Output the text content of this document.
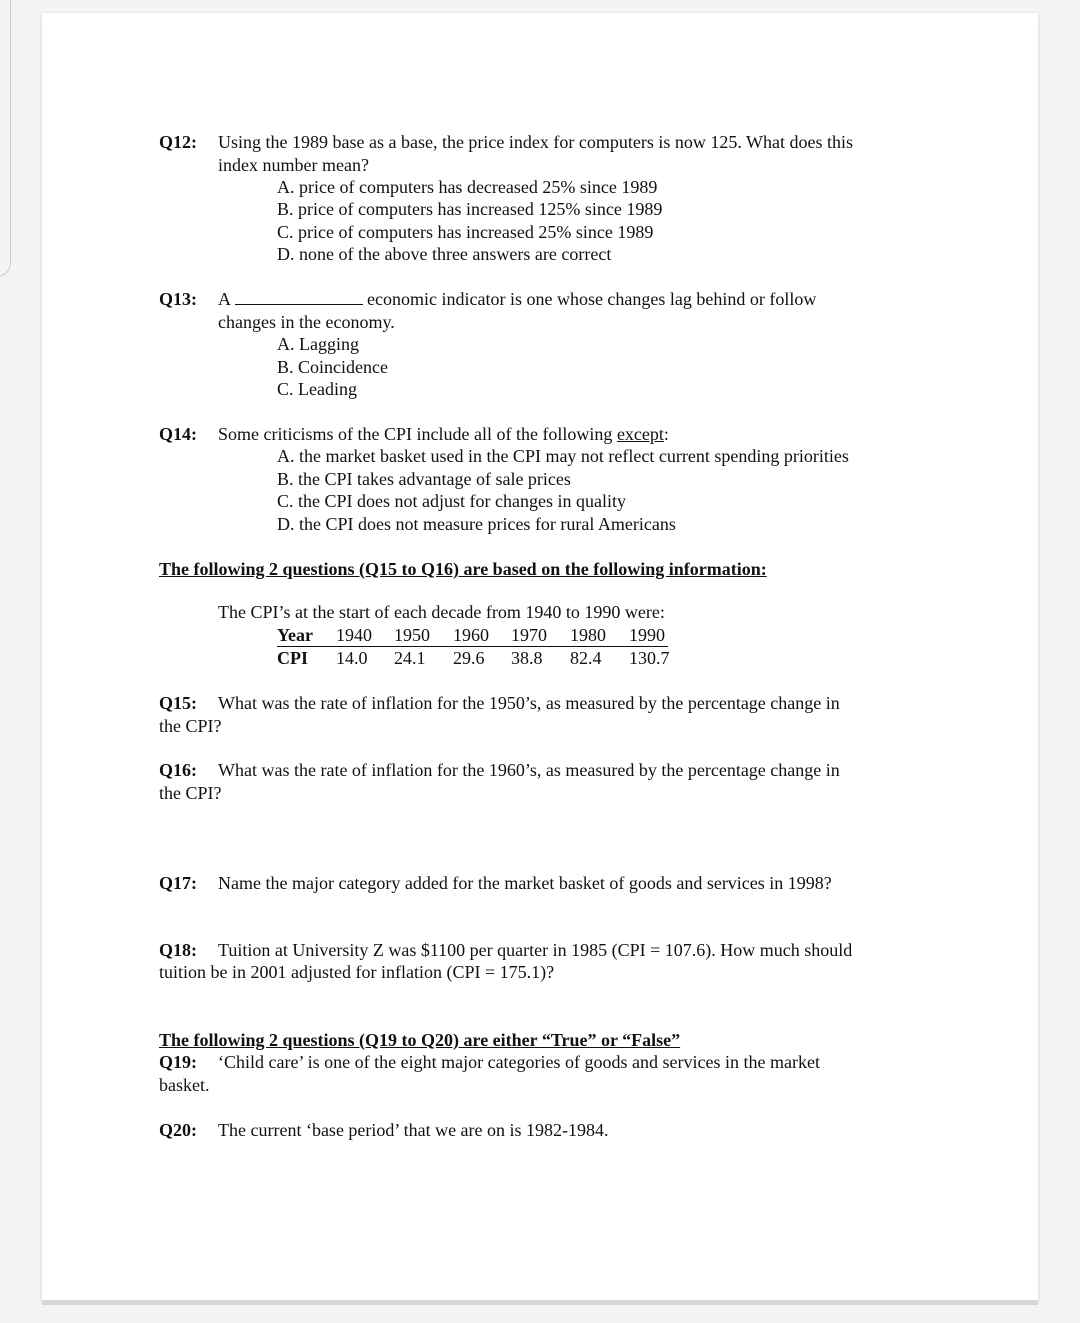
Q12: Using the 1989 base as a base, the price index for computers is now 125. What does this
index number mean?
A. price of computers has decreased 25% since 1989
B. price of computers has increased 125% since 1989
C. price of computers has increased 25% since 1989
D. none of the above three answers are correct
Q13: A	economic indicator is one whose changes lag behind or follow
changes in the economy.
A. Lagging
B. Coincidence
C. Leading
Q14: Some criticisms of the CPI include all of the following except:
A. the market basket used in the CPI may not reflect current spending priorities
B. the CPI takes advantage of sale prices
C. the CPI does not adjust for changes in quality
D. the CPI does not measure prices for rural Americans
The following 2 questions (Q15 to Q16) are based on the following information:
The CPI’s at the start of each decade from 1940 to 1990 were:
Year 1940 1950 1960 1970 1980 1990
CPI 14.0 24.1 29.6 38.8 82.4 130.7
Q15: What was the rate of inflation for the 1950’s, as measured by the percentage change in
the CPI?
Q16: What was the rate of inflation for the 1960’s, as measured by the percentage change in
the CPI?
Q17: Name the major category added for the market basket of goods and services in 1998?
Q18: Tuition at University Z was $1100 per quarter in 1985 (CPI = 107.6). How much should
tuition be in 2001 adjusted for inflation (CPI = 175.1)?
The following 2 questions (Q19 to Q20) are either “True” or “False”
Q19: ‘Child care’ is one of the eight major categories of goods and services in the market
basket.
Q20: The current ‘base period’ that we are on is 1982-1984.
